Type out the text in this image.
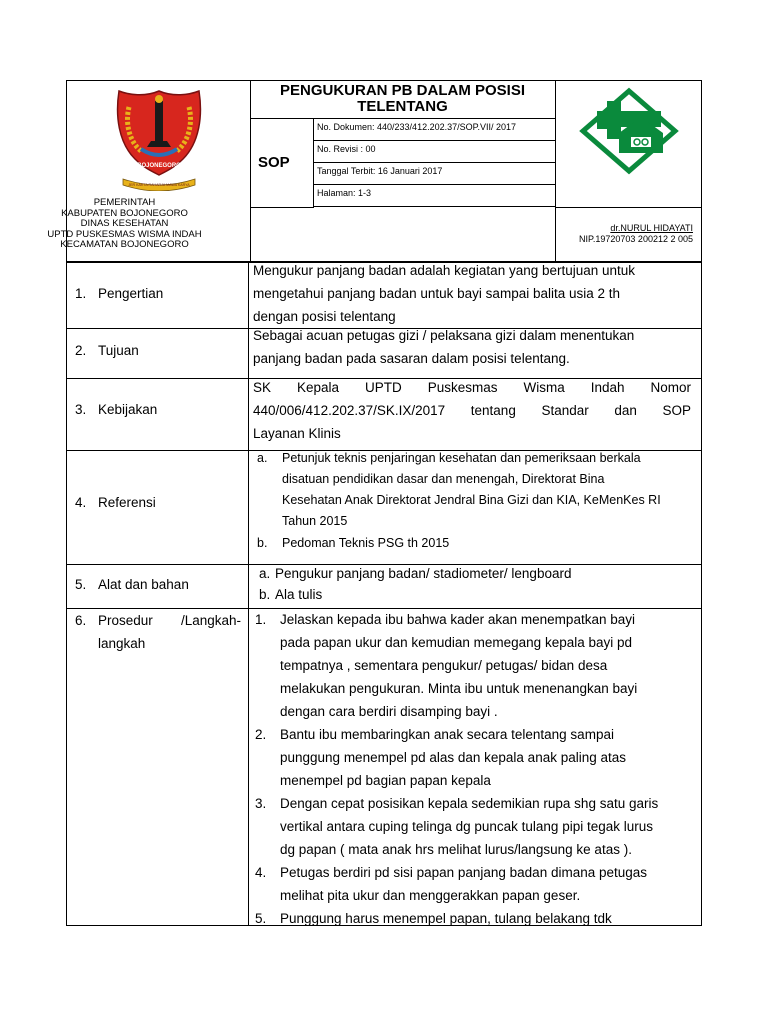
BOJONEGORO
JER KARTA RAHARJA MAWA KARYA
PENGUKURAN PB DALAM POSISI
TELENTANG
SOP
No. Dokumen: 440/233/412.202.37/SOP.VII/ 2017
No. Revisi : 00
Tanggal Terbit: 16 Januari 2017
Halaman: 1-3
dr.NURUL HIDAYATI
NIP.19720703 200212 2 005
PEMERINTAH
KABUPATEN BOJONEGORO
DINAS KESEHATAN
UPTD PUSKESMAS WISMA INDAH
KECAMATAN BOJONEGORO
1. Pengertian

Mengukur panjang badan adalah kegiatan yang bertujuan untuk

mengetahui panjang badan untuk bayi sampai balita usia 2 th

dengan posisi telentang

2. Tujuan

Sebagai acuan petugas gizi / pelaksana gizi dalam menentukan

panjang badan pada sasaran dalam posisi telentang.

3. Kebijakan

SK Kepala UPTD Puskesmas Wisma Indah Nomor

440/006/412.202.37/SK.IX/2017 tentang Standar dan SOP

Layanan Klinis

4. Referensi
a. Petunjuk teknis penjaringan kesehatan dan pemeriksaan berkala

disatuan pendidikan dasar dan menengah, Direktorat Bina

Kesehatan Anak Direktorat Jendral Bina Gizi dan KIA, KeMenKes RI

Tahun 2015

b. Pedoman Teknis PSG th 2015

5. Alat dan bahan
a. Pengukur panjang badan/ stadiometer/ lengboard

b. Ala tulis

6. Prosedur /Langkah-
langkah
1. Jelaskan kepada ibu bahwa kader akan menempatkan bayi

pada papan ukur dan kemudian memegang kepala bayi pd

tempatnya , sementara pengukur/ petugas/ bidan desa

melakukan pengukuran. Minta ibu untuk menenangkan bayi

dengan cara berdiri disamping bayi .

2. Bantu ibu membaringkan anak secara telentang sampai

punggung menempel pd alas dan kepala anak paling atas

menempel pd bagian papan kepala

3. Dengan cepat posisikan kepala sedemikian rupa shg satu garis

vertikal antara cuping telinga dg puncak tulang pipi tegak lurus

dg papan ( mata anak hrs melihat lurus/langsung ke atas ).

4. Petugas berdiri pd sisi papan panjang badan dimana petugas

melihat pita ukur dan menggerakkan papan geser.

5. Punggung harus menempel papan, tulang belakang tdk
